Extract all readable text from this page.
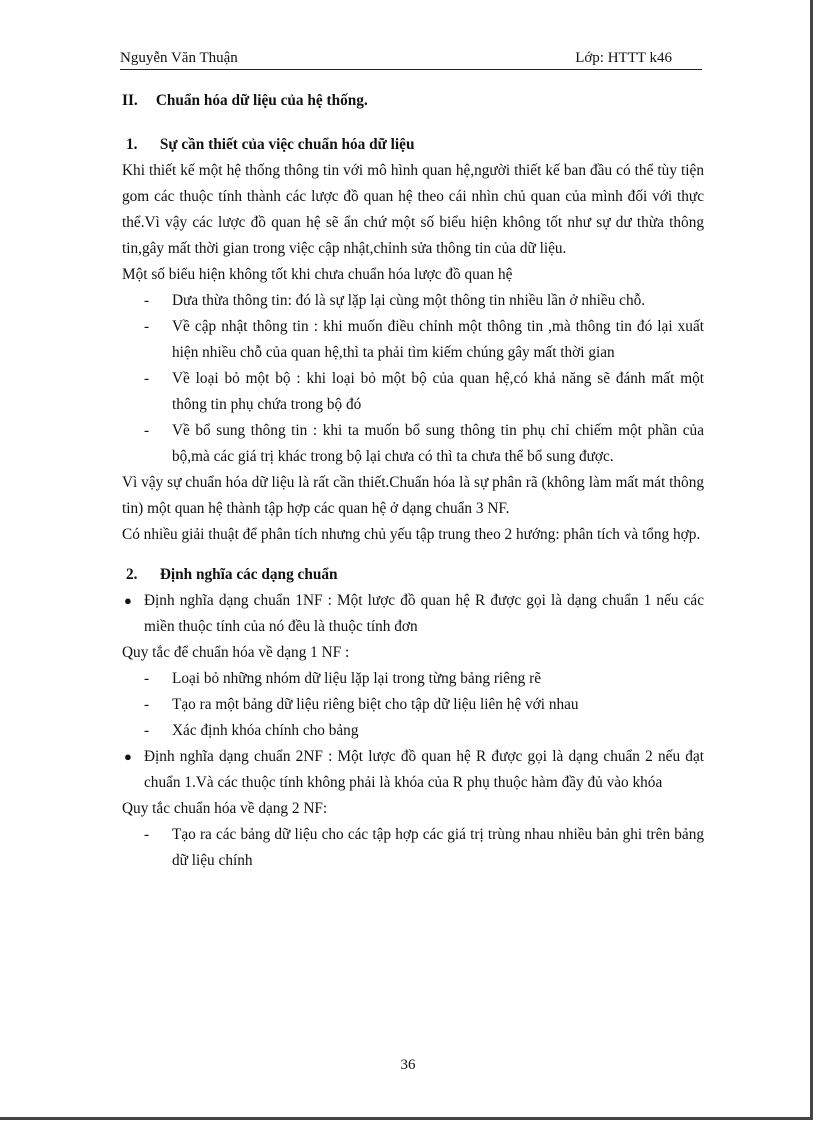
Nguyễn Văn Thuận	Lớp: HTTT k46
II. Chuẩn hóa dữ liệu của hệ thống.
1. Sự cần thiết của việc chuẩn hóa dữ liệu

Khi thiết kế một hệ thống thông tin với mô hình quan hệ,người thiết kế ban đầu có thể tùy tiện gom các thuộc tính thành các lược đồ quan hệ theo cái nhìn chủ quan của mình đối với thực thể.Vì vậy các lược đồ quan hệ sẽ ẩn chứ một số biểu hiện không tốt như sự dư thừa thông tin,gây mất thời gian trong việc cập nhật,chỉnh sửa thông tin của dữ liệu.

Một số biểu hiện không tốt khi chưa chuẩn hóa lược đồ quan hệ

- Dưa thừa thông tin: đó là sự lặp lại cùng một thông tin nhiều lần ở nhiều chỗ.
- Về cập nhật thông tin : khi muốn điều chỉnh một thông tin ,mà thông tin đó lại xuất hiện nhiều chỗ của quan hệ,thì ta phải tìm kiếm chúng gây mất thời gian
- Về loại bỏ một bộ : khi loại bỏ một bộ của quan hệ,có khả năng sẽ đánh mất một thông tin phụ chứa trong bộ đó
- Về bổ sung thông tin : khi ta muốn bổ sung thông tin phụ chỉ chiếm một phần của bộ,mà các giá trị khác trong bộ lại chưa có thì ta chưa thể bổ sung được.

Vì vậy sự chuẩn hóa dữ liệu là rất cần thiết.Chuẩn hóa là sự phân rã (không làm mất mát thông tin) một quan hệ thành tập hợp các quan hệ ở dạng chuẩn 3 NF.

Có nhiều giải thuật để phân tích nhưng chủ yếu tập trung theo 2 hướng: phân tích và tổng hợp.

2. Định nghĩa các dạng chuẩn
● Định nghĩa dạng chuẩn 1NF : Một lược đồ quan hệ R được gọi là dạng chuẩn 1 nếu các miền thuộc tính của nó đều là thuộc tính đơn

Quy tắc để chuẩn hóa về dạng 1 NF :

- Loại bỏ những nhóm dữ liệu lặp lại trong từng bảng riêng rẽ
- Tạo ra một bảng dữ liệu riêng biệt cho tập dữ liệu liên hệ với nhau
- Xác định khóa chính cho bảng
● Định nghĩa dạng chuẩn 2NF : Một lược đồ quan hệ R được gọi là dạng chuẩn 2 nếu đạt chuẩn 1.Và các thuộc tính không phải là khóa của R phụ thuộc hàm đầy đủ vào khóa

Quy tắc chuẩn hóa về dạng 2 NF:

- Tạo ra các bảng dữ liệu cho các tập hợp các giá trị trùng nhau nhiều bản ghi trên bảng dữ liệu chính
36
